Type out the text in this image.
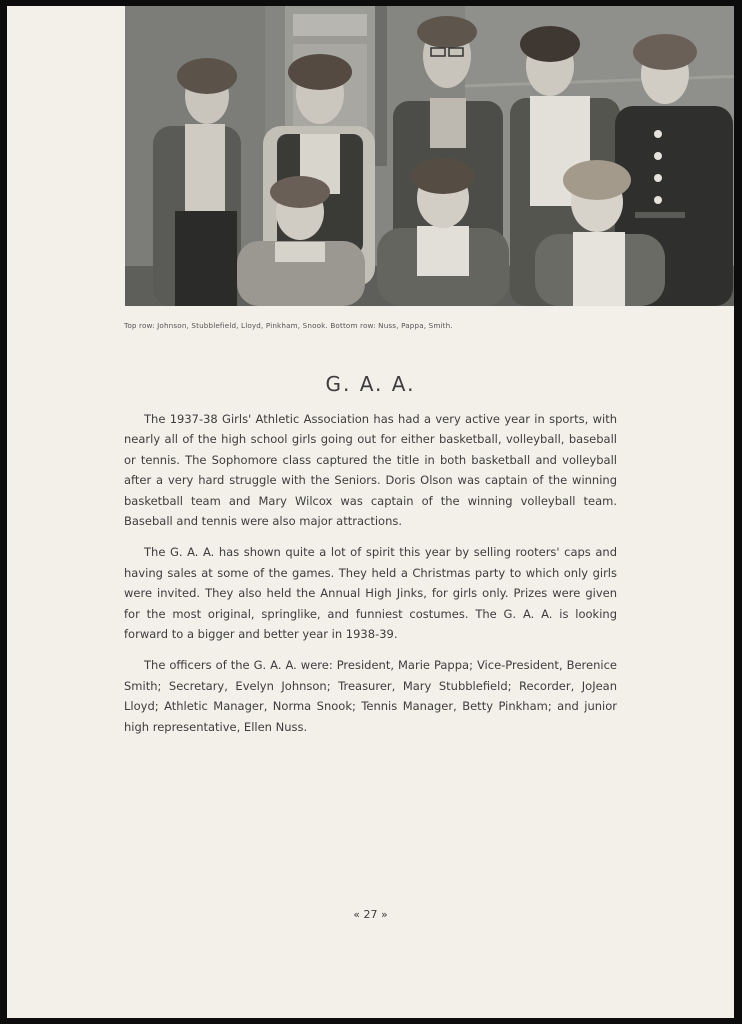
Top row: Johnson, Stubblefield, Lloyd, Pinkham, Snook. Bottom row: Nuss, Pappa, Smith.
G. A. A.

The 1937-38 Girls' Athletic Association has had a very active year in sports, with nearly all of the high school girls going out for either basketball, volleyball, baseball or tennis. The Sophomore class captured the title in both basketball and volleyball after a very hard struggle with the Seniors. Doris Olson was captain of the winning basketball team and Mary Wilcox was captain of the winning volleyball team. Baseball and tennis were also major attractions.

The G. A. A. has shown quite a lot of spirit this year by selling rooters' caps and having sales at some of the games. They held a Christmas party to which only girls were invited. They also held the Annual High Jinks, for girls only. Prizes were given for the most original, springlike, and funniest costumes. The G. A. A. is looking forward to a bigger and better year in 1938-39.

The officers of the G. A. A. were: President, Marie Pappa; Vice-President, Berenice Smith; Secretary, Evelyn Johnson; Treasurer, Mary Stubblefield; Recorder, JoJean Lloyd; Athletic Manager, Norma Snook; Tennis Manager, Betty Pinkham; and junior high representative, Ellen Nuss.

« 27 »
